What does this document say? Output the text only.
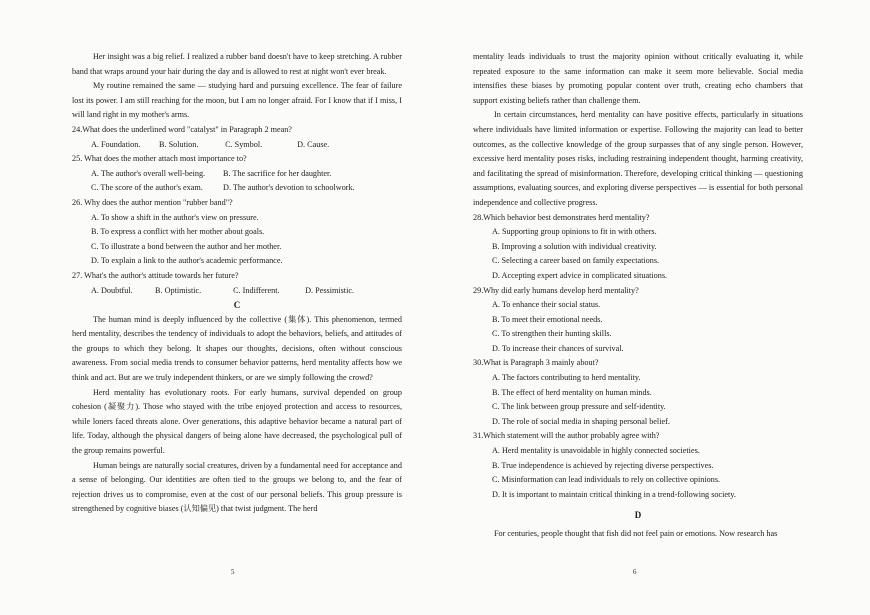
Her insight was a big relief. I realized a rubber band doesn't have to keep stretching. A rubber band that wraps around your hair during the day and is allowed to rest at night won't ever break.

My routine remained the same — studying hard and pursuing excellence. The fear of failure lost its power. I am still reaching for the moon, but I am no longer afraid. For I know that if I miss, I will land right in my mother's arms.

24.What does the underlined word "catalyst" in Paragraph 2 mean?

A. Foundation. B. Solution.	C. Symbol.	D. Cause.

25. What does the mother attach most importance to?

A. The author's overall well-being. B. The sacrifice for her daughter.

C. The score of the author's exam. D. The author's devotion to schoolwork.

26. Why does the author mention "rubber band"?

A. To show a shift in the author's view on pressure.

B. To express a conflict with her mother about goals.

C. To illustrate a bond between the author and her mother.

D. To explain a link to the author's academic performance.

27. What's the author's attitude towards her future?

A. Doubtful.	B. Optimistic.	C. Indifferent.	D. Pessimistic.

C

The human mind is deeply influenced by the collective (集体). This phenomenon, termed herd mentality, describes the tendency of individuals to adopt the behaviors, beliefs, and attitudes of the groups to which they belong. It shapes our thoughts, decisions, often without conscious awareness. From social media trends to consumer behavior patterns, herd mentality affects how we think and act. But are we truly independent thinkers, or are we simply following the crowd?

Herd mentality has evolutionary roots. For early humans, survival depended on group cohesion (凝聚力). Those who stayed with the tribe enjoyed protection and access to resources, while loners faced threats alone. Over generations, this adaptive behavior became a natural part of life. Today, although the physical dangers of being alone have decreased, the psychological pull of the group remains powerful.

Human beings are naturally social creatures, driven by a fundamental need for acceptance and a sense of belonging. Our identities are often tied to the groups we belong to, and the fear of rejection drives us to compromise, even at the cost of our personal beliefs. This group pressure is strengthened by cognitive biases (认知偏见) that twist judgment. The herd

mentality leads individuals to trust the majority opinion without critically evaluating it, while repeated exposure to the same information can make it seem more believable. Social media intensifies these biases by promoting popular content over truth, creating echo chambers that support existing beliefs rather than challenge them.

In certain circumstances, herd mentality can have positive effects, particularly in situations where individuals have limited information or expertise. Following the majority can lead to better outcomes, as the collective knowledge of the group surpasses that of any single person. However, excessive herd mentality poses risks, including restraining independent thought, harming creativity, and facilitating the spread of misinformation. Therefore, developing critical thinking — questioning assumptions, evaluating sources, and exploring diverse perspectives — is essential for both personal independence and collective progress.

28.Which behavior best demonstrates herd mentality?

A. Supporting group opinions to fit in with others.

B. Improving a solution with individual creativity.

C. Selecting a career based on family expectations.

D. Accepting expert advice in complicated situations.

29.Why did early humans develop herd mentality?

A. To enhance their social status.

B. To meet their emotional needs.

C. To strengthen their hunting skills.

D. To increase their chances of survival.

30.What is Paragraph 3 mainly about?

A. The factors contributing to herd mentality.

B. The effect of herd mentality on human minds.

C. The link between group pressure and self-identity.

D. The role of social media in shaping personal belief.

31.Which statement will the author probably agree with?

A. Herd mentality is unavoidable in highly connected societies.

B. True independence is achieved by rejecting diverse perspectives.

C. Misinformation can lead individuals to rely on collective opinions.

D. It is important to maintain critical thinking in a trend-following society.

D

For centuries, people thought that fish did not feel pain or emotions. Now research has

5	6
